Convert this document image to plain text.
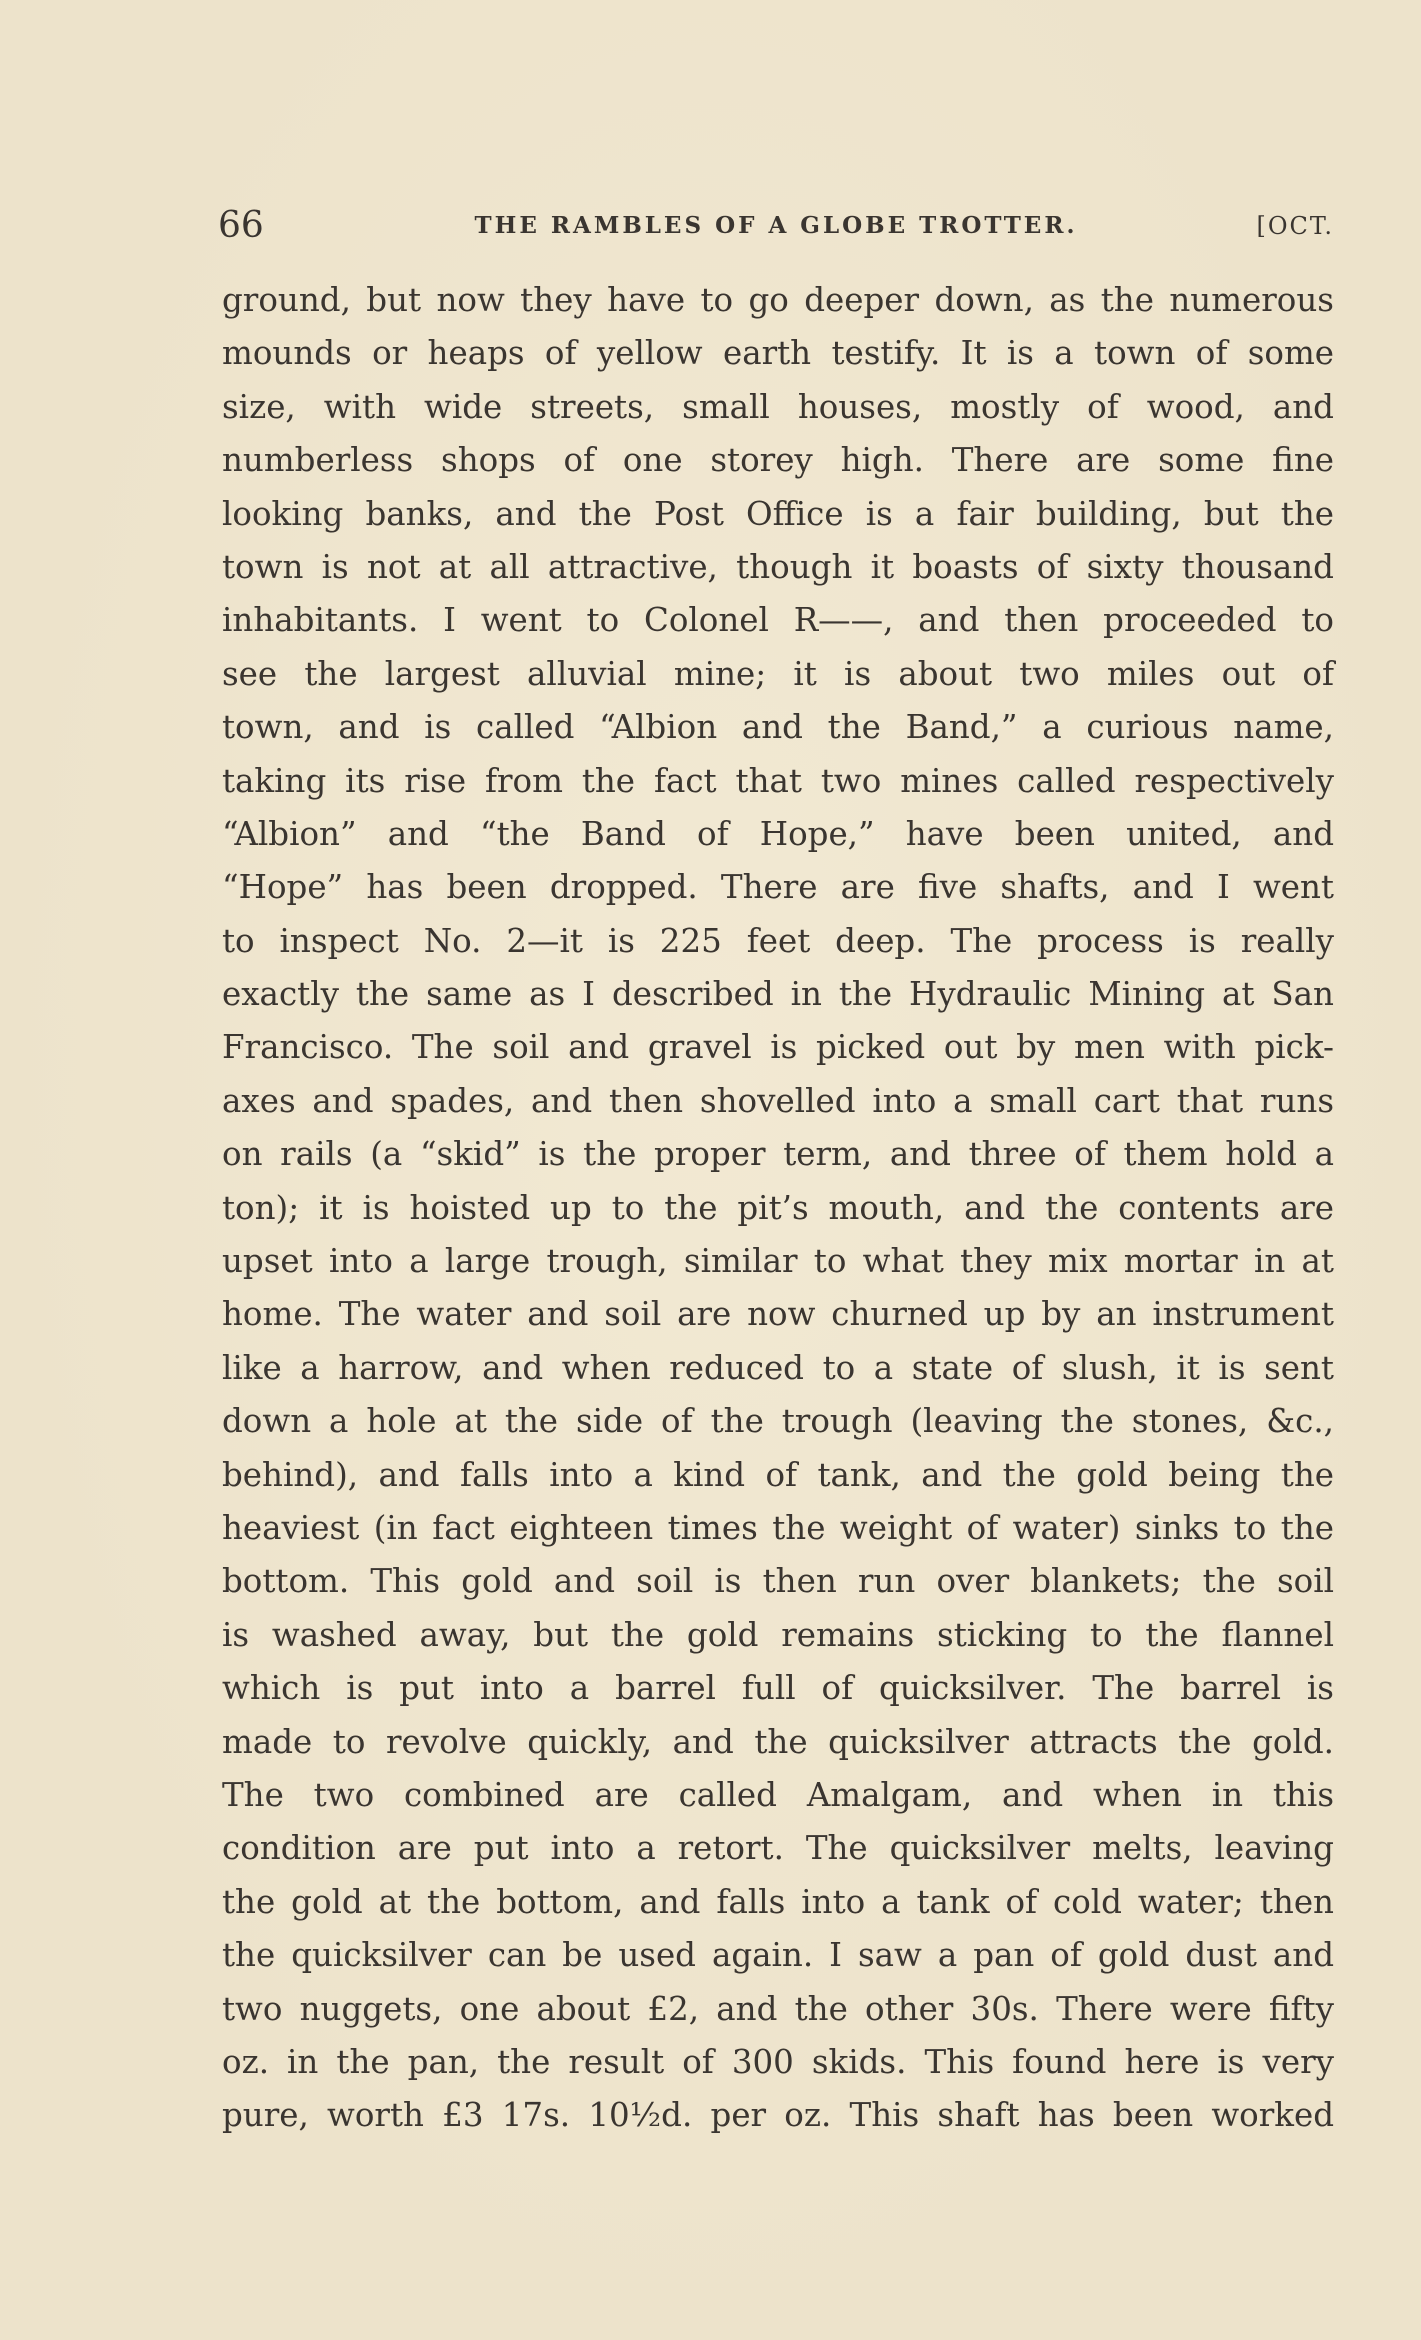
66	THE RAMBLES OF A GLOBE TROTTER.	[OCT.
ground, but now they have to go deeper down, as the numerous
mounds or heaps of yellow earth testify. It is a town of some
size, with wide streets, small houses, mostly of wood, and
numberless shops of one storey high. There are some fine
looking banks, and the Post Office is a fair building, but the
town is not at all attractive, though it boasts of sixty thousand
inhabitants. I went to Colonel R——, and then proceeded to
see the largest alluvial mine; it is about two miles out of
town, and is called “Albion and the Band,” a curious name,
taking its rise from the fact that two mines called respectively
“Albion” and “the Band of Hope,” have been united, and
“Hope” has been dropped. There are five shafts, and I went
to inspect No. 2—it is 225 feet deep. The process is really
exactly the same as I described in the Hydraulic Mining at San
Francisco. The soil and gravel is picked out by men with pick-
axes and spades, and then shovelled into a small cart that runs
on rails (a “skid” is the proper term, and three of them hold a
ton); it is hoisted up to the pit’s mouth, and the contents are
upset into a large trough, similar to what they mix mortar in at
home. The water and soil are now churned up by an instrument
like a harrow, and when reduced to a state of slush, it is sent
down a hole at the side of the trough (leaving the stones, &c.,
behind), and falls into a kind of tank, and the gold being the
heaviest (in fact eighteen times the weight of water) sinks to the
bottom. This gold and soil is then run over blankets; the soil
is washed away, but the gold remains sticking to the flannel
which is put into a barrel full of quicksilver. The barrel is
made to revolve quickly, and the quicksilver attracts the gold.
The two combined are called Amalgam, and when in this
condition are put into a retort. The quicksilver melts, leaving
the gold at the bottom, and falls into a tank of cold water; then
the quicksilver can be used again. I saw a pan of gold dust and
two nuggets, one about £2, and the other 30s. There were fifty
oz. in the pan, the result of 300 skids. This found here is very
pure, worth £3 17s. 10½d. per oz. This shaft has been worked
